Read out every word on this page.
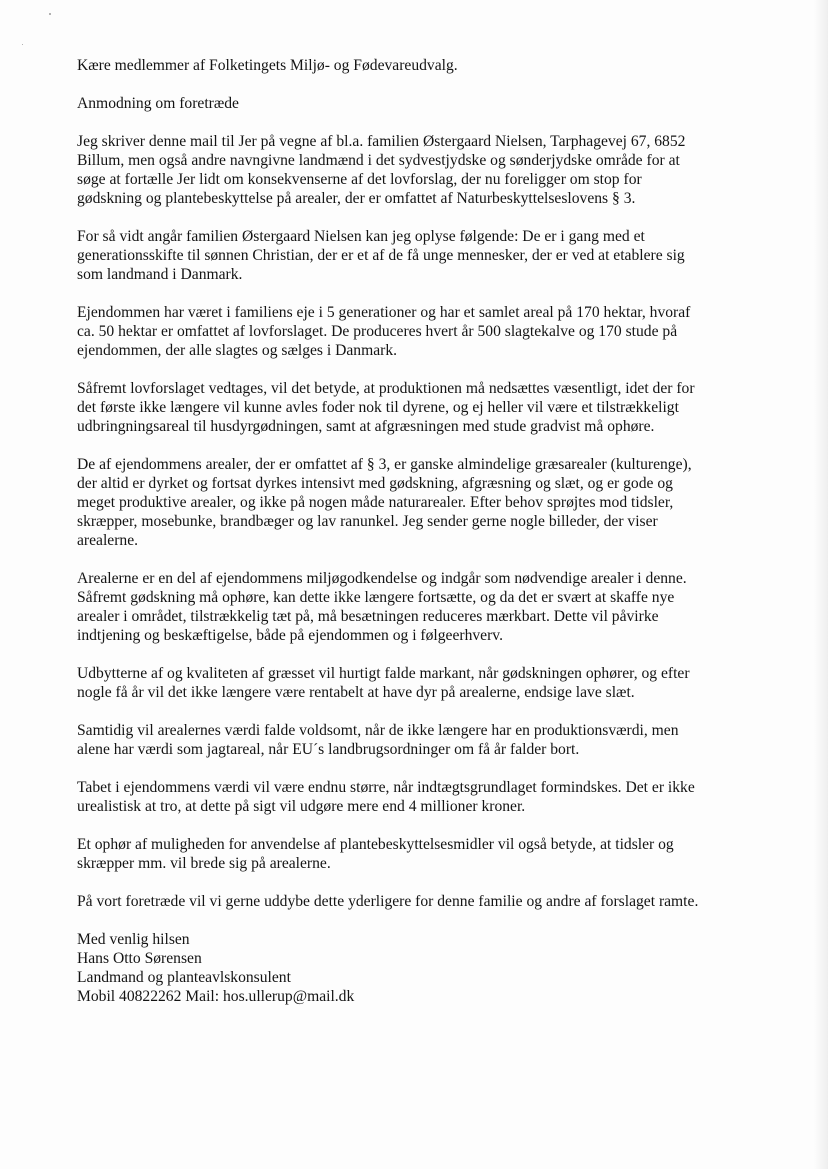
Kære medlemmer af Folketingets Miljø- og Fødevareudvalg.

Anmodning om foretræde

Jeg skriver denne mail til Jer på vegne af bl.a. familien Østergaard Nielsen, Tarphagevej 67, 6852
Billum, men også andre navngivne landmænd i det sydvestjydske og sønderjydske område for at
søge at fortælle Jer lidt om konsekvenserne af det lovforslag, der nu foreligger om stop for
gødskning og plantebeskyttelse på arealer, der er omfattet af Naturbeskyttelseslovens § 3.

For så vidt angår familien Østergaard Nielsen kan jeg oplyse følgende: De er i gang med et
generationsskifte til sønnen Christian, der er et af de få unge mennesker, der er ved at etablere sig
som landmand i Danmark.

Ejendommen har været i familiens eje i 5 generationer og har et samlet areal på 170 hektar, hvoraf
ca. 50 hektar er omfattet af lovforslaget. De produceres hvert år 500 slagtekalve og 170 stude på
ejendommen, der alle slagtes og sælges i Danmark.

Såfremt lovforslaget vedtages, vil det betyde, at produktionen må nedsættes væsentligt, idet der for
det første ikke længere vil kunne avles foder nok til dyrene, og ej heller vil være et tilstrækkeligt
udbringningsareal til husdyrgødningen, samt at afgræsningen med stude gradvist må ophøre.

De af ejendommens arealer, der er omfattet af § 3, er ganske almindelige græsarealer (kulturenge),
der altid er dyrket og fortsat dyrkes intensivt med gødskning, afgræsning og slæt, og er gode og
meget produktive arealer, og ikke på nogen måde naturarealer. Efter behov sprøjtes mod tidsler,
skræpper, mosebunke, brandbæger og lav ranunkel. Jeg sender gerne nogle billeder, der viser
arealerne.

Arealerne er en del af ejendommens miljøgodkendelse og indgår som nødvendige arealer i denne.
Såfremt gødskning må ophøre, kan dette ikke længere fortsætte, og da det er svært at skaffe nye
arealer i området, tilstrækkelig tæt på, må besætningen reduceres mærkbart. Dette vil påvirke
indtjening og beskæftigelse, både på ejendommen og i følgeerhverv.

Udbytterne af og kvaliteten af græsset vil hurtigt falde markant, når gødskningen ophører, og efter
nogle få år vil det ikke længere være rentabelt at have dyr på arealerne, endsige lave slæt.

Samtidig vil arealernes værdi falde voldsomt, når de ikke længere har en produktionsværdi, men
alene har værdi som jagtareal, når EU´s landbrugsordninger om få år falder bort.

Tabet i ejendommens værdi vil være endnu større, når indtægtsgrundlaget formindskes. Det er ikke
urealistisk at tro, at dette på sigt vil udgøre mere end 4 millioner kroner.

Et ophør af muligheden for anvendelse af plantebeskyttelsesmidler vil også betyde, at tidsler og
skræpper mm. vil brede sig på arealerne.

På vort foretræde vil vi gerne uddybe dette yderligere for denne familie og andre af forslaget ramte.

Med venlig hilsen
Hans Otto Sørensen
Landmand og planteavlskonsulent
Mobil 40822262 Mail: hos.ullerup@mail.dk
